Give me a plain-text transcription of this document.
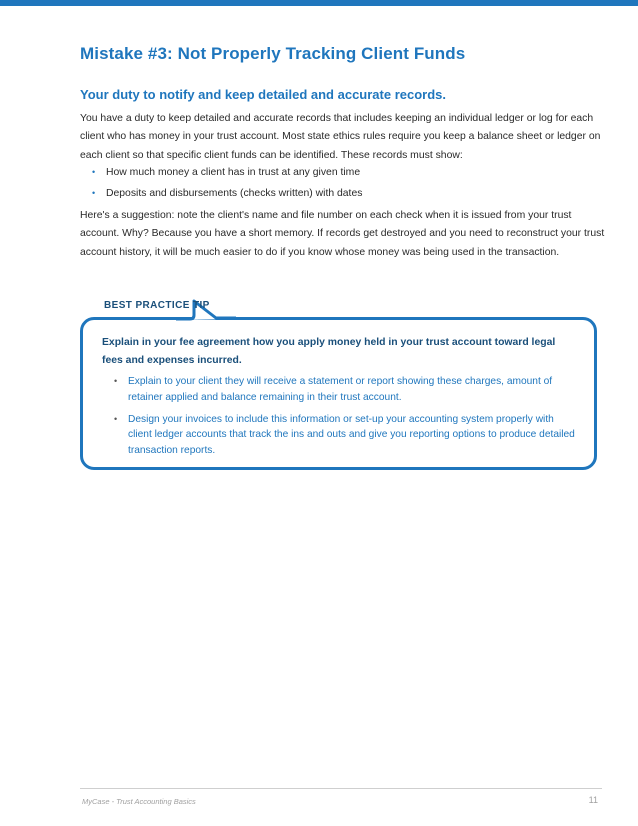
Mistake #3: Not Properly Tracking Client Funds
Your duty to notify and keep detailed and accurate records.

You have a duty to keep detailed and accurate records that includes keeping an individual ledger or log for each client who has money in your trust account. Most state ethics rules require you keep a balance sheet or ledger on each client so that specific client funds can be identified. These records must show:

• How much money a client has in trust at any given time
• Deposits and disbursements (checks written) with dates

Here's a suggestion: note the client's name and file number on each check when it is issued from your trust account. Why? Because you have a short memory. If records get destroyed and you need to reconstruct your trust account history, it will be much easier to do if you know whose money was being used in the transaction.

BEST PRACTICE TIP

Explain in your fee agreement how you apply money held in your trust account toward legal fees and expenses incurred.

• Explain to your client they will receive a statement or report showing these charges, amount of retainer applied and balance remaining in their trust account.
• Design your invoices to include this information or set-up your accounting system properly with client ledger accounts that track the ins and outs and give you reporting options to produce detailed transaction reports.
MyCase - Trust Accounting Basics	11
